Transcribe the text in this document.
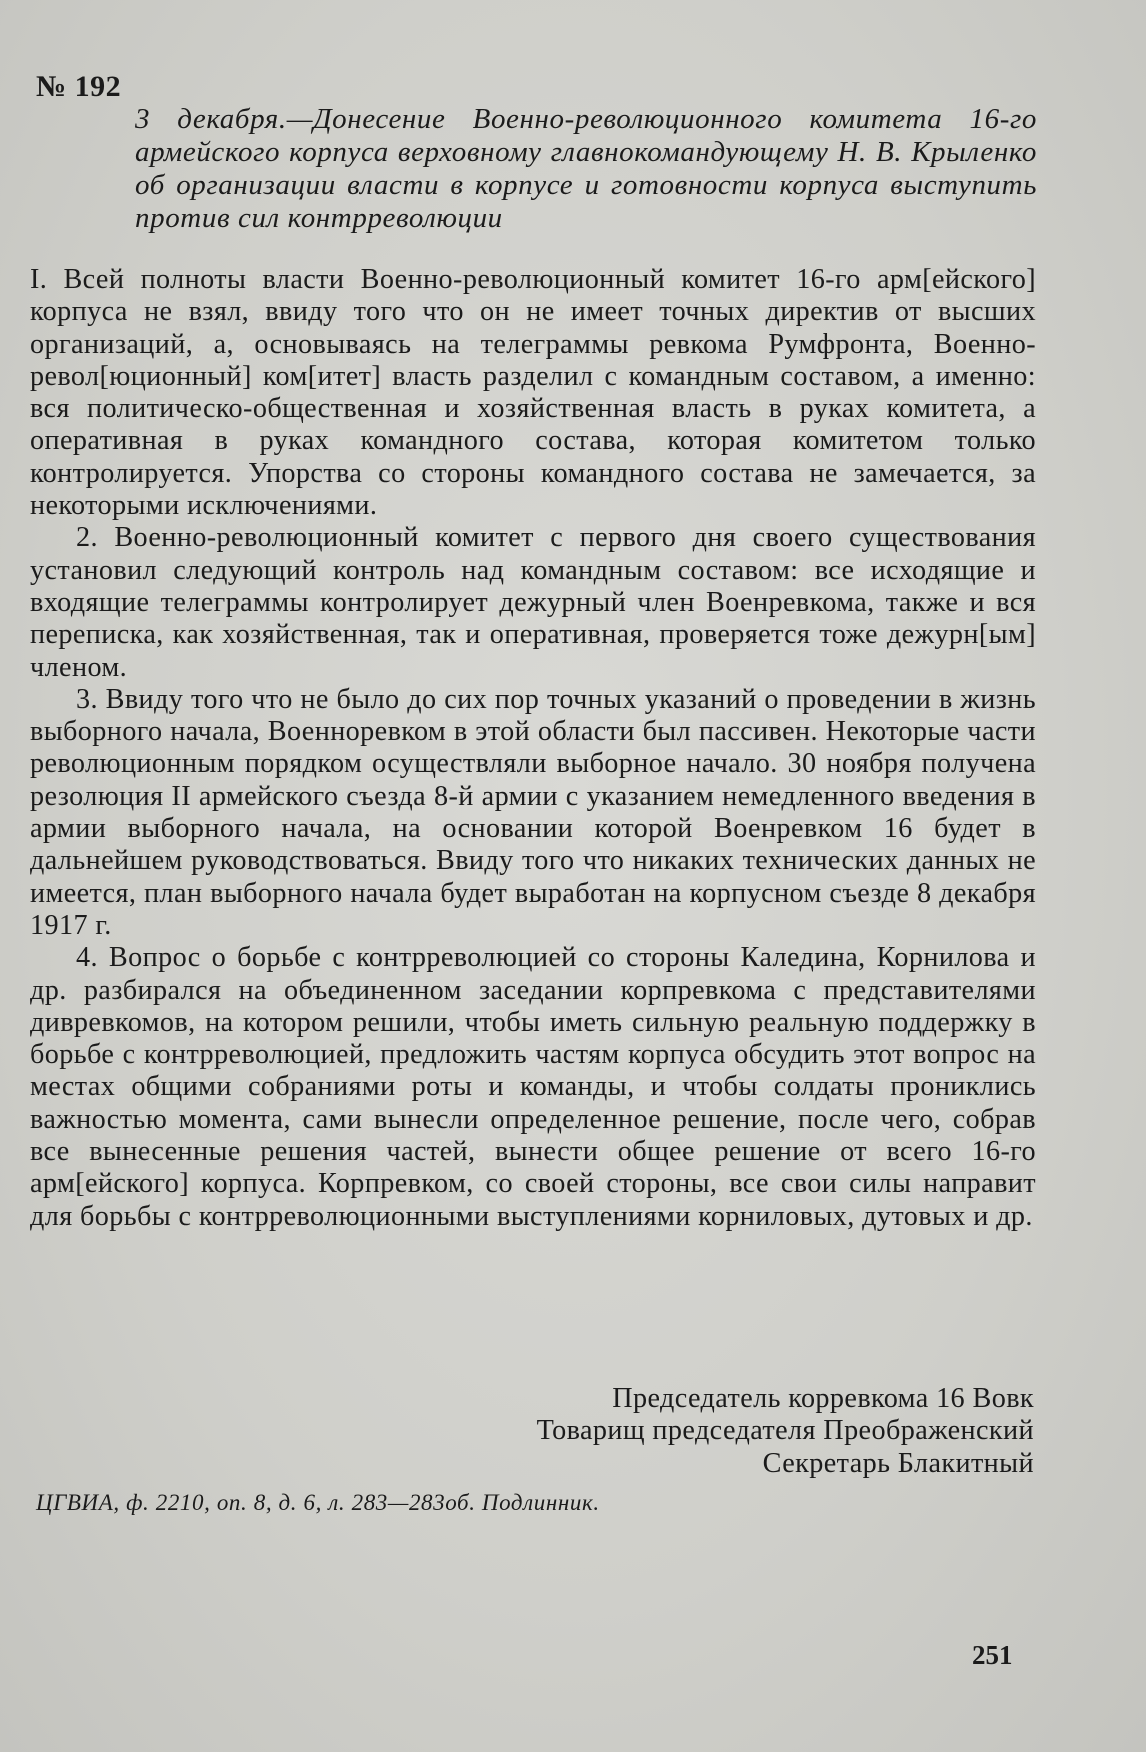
№ 192
3 декабря.—Донесение Военно-революционного комитета 16-го армейского корпуса верховному главнокомандующему Н. В. Крыленко об организации власти в корпусе и готовности корпуса выступить против сил контрреволюции

I. Всей полноты власти Военно-революционный комитет 16-го арм[ейского] корпуса не взял, ввиду того что он не имеет точных директив от высших организаций, а, основываясь на телеграммы ревкома Румфронта, Военно-револ[юционный] ком[итет] власть разделил с командным составом, а именно: вся политическо-общественная и хозяйственная власть в руках комитета, а оперативная в руках командного состава, которая комитетом только контролируется. Упорства со стороны командного состава не замечается, за некоторыми исключениями.

2. Военно-революционный комитет с первого дня своего существования установил следующий контроль над командным составом: все исходящие и входящие телеграммы контролирует дежурный член Военревкома, также и вся переписка, как хозяйственная, так и оперативная, проверяется тоже дежурн[ым] членом.

3. Ввиду того что не было до сих пор точных указаний о проведении в жизнь выборного начала, Военноревком в этой области был пассивен. Некоторые части революционным порядком осуществляли выборное начало. 30 ноября получена резолюция II армейского съезда 8-й армии с указанием немедленного введения в армии выборного начала, на основании которой Военревком 16 будет в дальнейшем руководствоваться. Ввиду того что никаких технических данных не имеется, план выборного начала будет выработан на корпусном съезде 8 декабря 1917 г.

4. Вопрос о борьбе с контрреволюцией со стороны Каледина, Корнилова и др. разбирался на объединенном заседании корпревкома с представителями дивревкомов, на котором решили, чтобы иметь сильную реальную поддержку в борьбе с контрреволюцией, предложить частям корпуса обсудить этот вопрос на местах общими собраниями роты и команды, и чтобы солдаты прониклись важностью момента, сами вынесли определенное решение, после чего, собрав все вынесенные решения частей, вынести общее решение от всего 16-го арм[ейского] корпуса. Корпревком, со своей стороны, все свои силы направит для борьбы с контрреволюционными выступлениями корниловых, дутовых и др.

Председатель корревкома 16 Вовк
Товарищ председателя Преображенский
Секретарь Блакитный
ЦГВИА, ф. 2210, оп. 8, д. 6, л. 283—283об. Подлинник.
251
